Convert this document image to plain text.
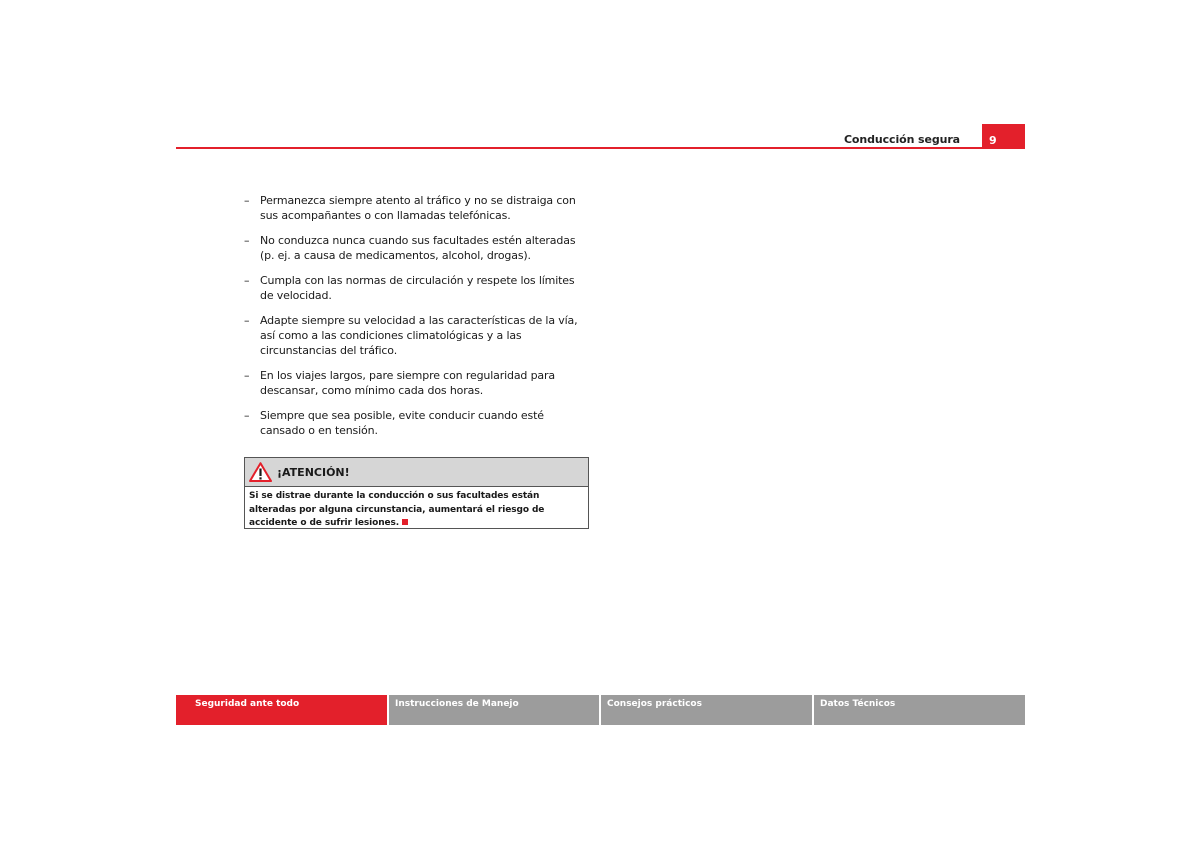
Conducción segura	9
– Permanezca siempre atento al tráfico y no se distraiga con sus acompañantes o con llamadas telefónicas.
– No conduzca nunca cuando sus facultades estén alteradas (p. ej. a causa de medicamentos, alcohol, drogas).
– Cumpla con las normas de circulación y respete los límites de velocidad.
– Adapte siempre su velocidad a las características de la vía, así como a las condiciones climatológicas y a las circunstancias del tráfico.
– En los viajes largos, pare siempre con regularidad para descansar, como mínimo cada dos horas.
– Siempre que sea posible, evite conducir cuando esté cansado o en tensión.
¡ATENCIÓN!
Si se distrae durante la conducción o sus facultades están alteradas por alguna circunstancia, aumentará el riesgo de accidente o de sufrir lesiones.
Seguridad ante todo	Instrucciones de Manejo	Consejos prácticos	Datos Técnicos
